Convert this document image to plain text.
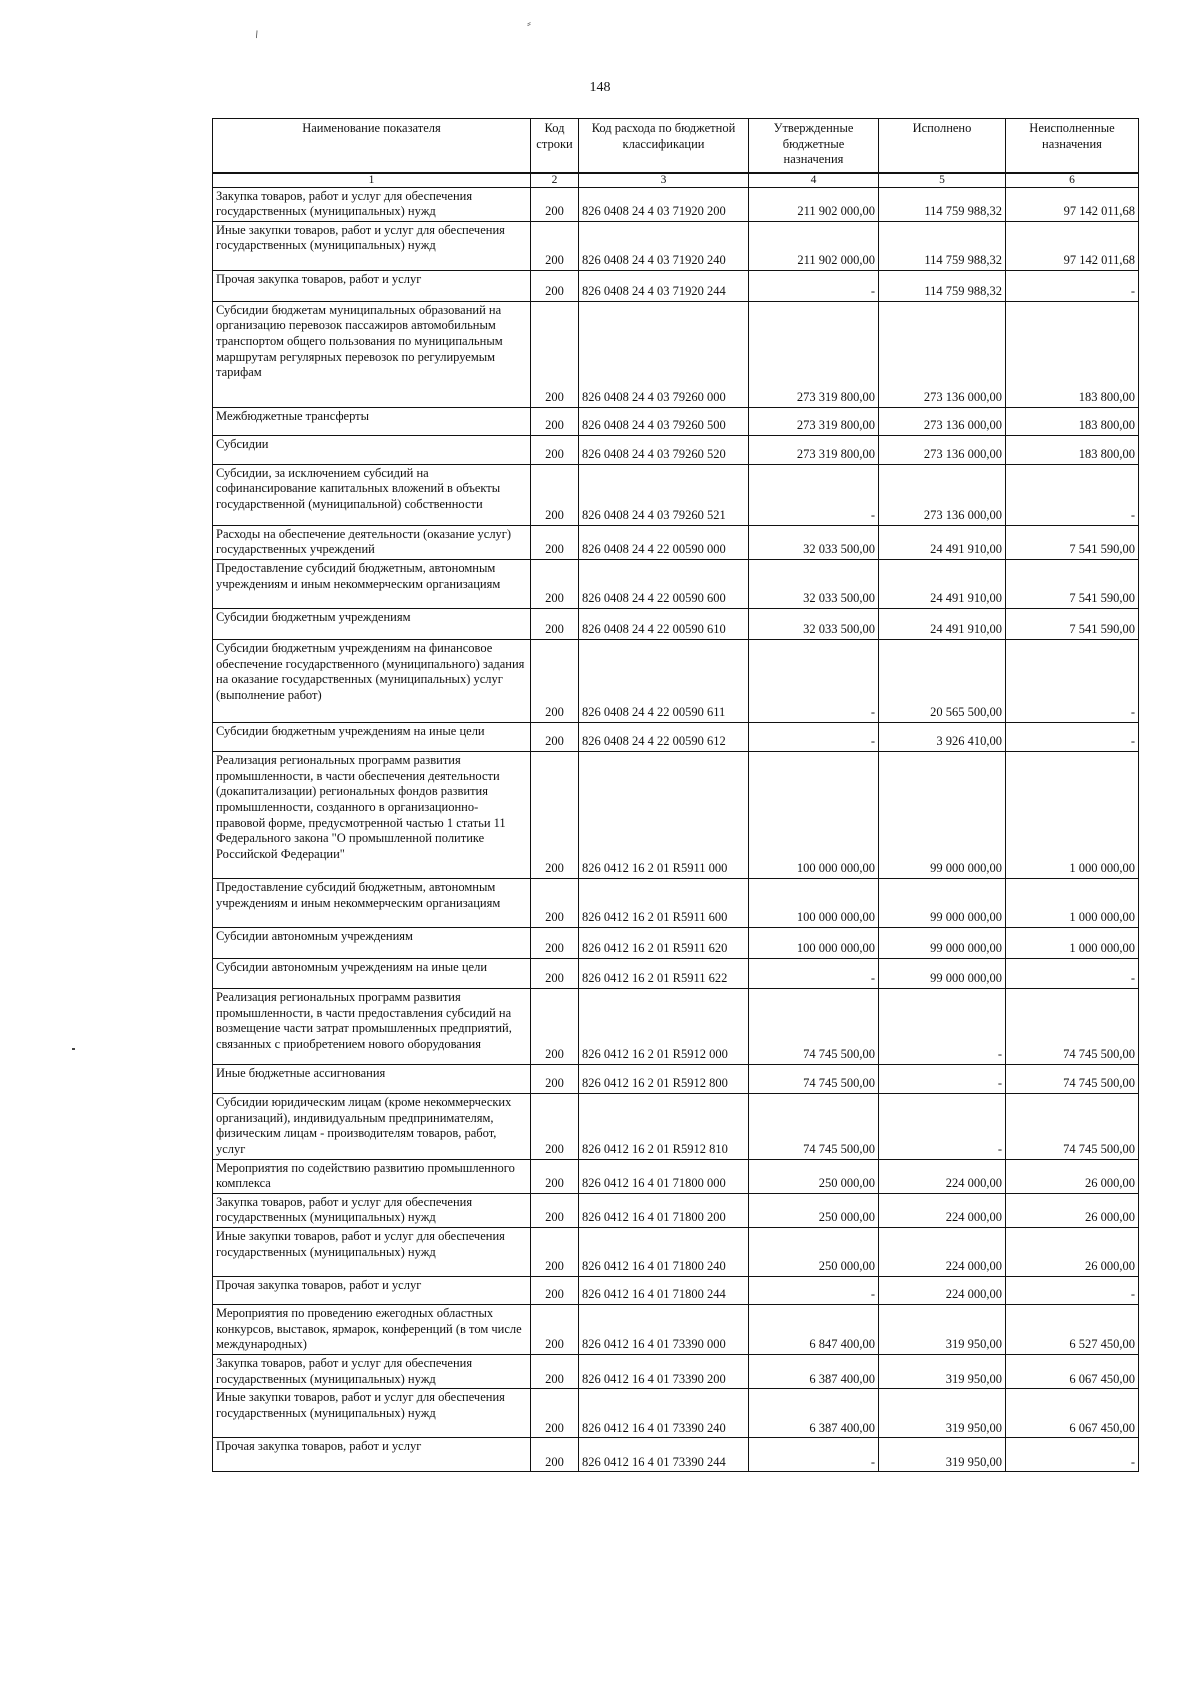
⸝
⸗
148
Наименование показателя	Код строки	Код расхода по бюджетной классификации	Утвержденные бюджетные назначения	Исполнено	Неисполненные назначения
1	2	3	4	5	6
Закупка товаров, работ и услуг для обеспечения государственных (муниципальных) нужд	200	826 0408 24 4 03 71920 200	211 902 000,00	114 759 988,32	97 142 011,68
Иные закупки товаров, работ и услуг для обеспечения государственных (муниципальных) нужд	200	826 0408 24 4 03 71920 240	211 902 000,00	114 759 988,32	97 142 011,68
Прочая закупка товаров, работ и услуг	200	826 0408 24 4 03 71920 244	-	114 759 988,32	-
Субсидии бюджетам муниципальных образований на организацию перевозок пассажиров автомобильным транспортом общего пользования по муниципальным маршрутам регулярных перевозок по регулируемым тарифам	200	826 0408 24 4 03 79260 000	273 319 800,00	273 136 000,00	183 800,00
Межбюджетные трансферты	200	826 0408 24 4 03 79260 500	273 319 800,00	273 136 000,00	183 800,00
Субсидии	200	826 0408 24 4 03 79260 520	273 319 800,00	273 136 000,00	183 800,00
Субсидии, за исключением субсидий на софинансирование капитальных вложений в объекты государственной (муниципальной) собственности	200	826 0408 24 4 03 79260 521	-	273 136 000,00	-
Расходы на обеспечение деятельности (оказание услуг) государственных учреждений	200	826 0408 24 4 22 00590 000	32 033 500,00	24 491 910,00	7 541 590,00
Предоставление субсидий бюджетным, автономным учреждениям и иным некоммерческим организациям	200	826 0408 24 4 22 00590 600	32 033 500,00	24 491 910,00	7 541 590,00
Субсидии бюджетным учреждениям	200	826 0408 24 4 22 00590 610	32 033 500,00	24 491 910,00	7 541 590,00
Субсидии бюджетным учреждениям на финансовое обеспечение государственного (муниципального) задания на оказание государственных (муниципальных) услуг (выполнение работ)	200	826 0408 24 4 22 00590 611	-	20 565 500,00	-
Субсидии бюджетным учреждениям на иные цели	200	826 0408 24 4 22 00590 612	-	3 926 410,00	-
Реализация региональных программ развития промышленности, в части обеспечения деятельности (докапитализации) региональных фондов развития промышленности, созданного в организационно-правовой форме, предусмотренной частью 1 статьи 11 Федерального закона "О промышленной политике Российской Федерации"	200	826 0412 16 2 01 R5911 000	100 000 000,00	99 000 000,00	1 000 000,00
Предоставление субсидий бюджетным, автономным учреждениям и иным некоммерческим организациям	200	826 0412 16 2 01 R5911 600	100 000 000,00	99 000 000,00	1 000 000,00
Субсидии автономным учреждениям	200	826 0412 16 2 01 R5911 620	100 000 000,00	99 000 000,00	1 000 000,00
Субсидии автономным учреждениям на иные цели	200	826 0412 16 2 01 R5911 622	-	99 000 000,00	-
Реализация региональных программ развития промышленности, в части предоставления субсидий на возмещение части затрат промышленных предприятий, связанных с приобретением нового оборудования	200	826 0412 16 2 01 R5912 000	74 745 500,00	-	74 745 500,00
Иные бюджетные ассигнования	200	826 0412 16 2 01 R5912 800	74 745 500,00	-	74 745 500,00
Субсидии юридическим лицам (кроме некоммерческих организаций), индивидуальным предпринимателям, физическим лицам - производителям товаров, работ, услуг	200	826 0412 16 2 01 R5912 810	74 745 500,00	-	74 745 500,00
Мероприятия по содействию развитию промышленного комплекса	200	826 0412 16 4 01 71800 000	250 000,00	224 000,00	26 000,00
Закупка товаров, работ и услуг для обеспечения государственных (муниципальных) нужд	200	826 0412 16 4 01 71800 200	250 000,00	224 000,00	26 000,00
Иные закупки товаров, работ и услуг для обеспечения государственных (муниципальных) нужд	200	826 0412 16 4 01 71800 240	250 000,00	224 000,00	26 000,00
Прочая закупка товаров, работ и услуг	200	826 0412 16 4 01 71800 244	-	224 000,00	-
Мероприятия по проведению ежегодных областных конкурсов, выставок, ярмарок, конференций (в том числе международных)	200	826 0412 16 4 01 73390 000	6 847 400,00	319 950,00	6 527 450,00
Закупка товаров, работ и услуг для обеспечения государственных (муниципальных) нужд	200	826 0412 16 4 01 73390 200	6 387 400,00	319 950,00	6 067 450,00
Иные закупки товаров, работ и услуг для обеспечения государственных (муниципальных) нужд	200	826 0412 16 4 01 73390 240	6 387 400,00	319 950,00	6 067 450,00
Прочая закупка товаров, работ и услуг	200	826 0412 16 4 01 73390 244	-	319 950,00	-
